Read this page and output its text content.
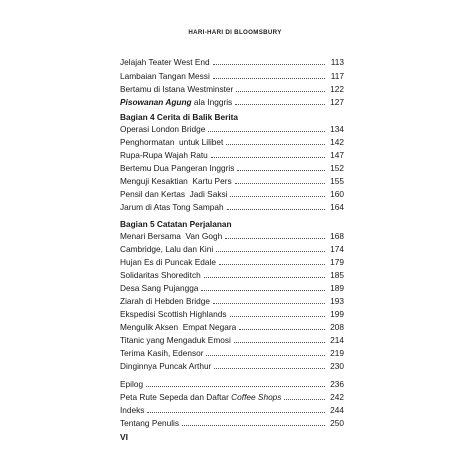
HARI-HARI DI BLOOMSBURY
Jelajah Teater West End	113
Lambaian Tangan Messi	117
Bertamu di Istana Westminster	122
Pisowanan Agung ala Inggris	127
Bagian 4 Cerita di Balik Berita
Operasi London Bridge	134
Penghormatan  untuk Lilibet	142
Rupa-Rupa Wajah Ratu	147
Bertemu Dua Pangeran Inggris	152
Menguji Kesaktian  Kartu Pers	155
Pensil dan Kertas  Jadi Saksi	160
Jarum di Atas Tong Sampah	164
Bagian 5 Catatan Perjalanan
Menari Bersama  Van Gogh	168
Cambridge, Lalu dan Kini	174
Hujan Es di Puncak Edale	179
Solidaritas Shoreditch	185
Desa Sang Pujangga	189
Ziarah di Hebden Bridge	193
Ekspedisi Scottish Highlands	199
Mengulik Aksen  Empat Negara	208
Titanic yang Mengaduk Emosi	214
Terima Kasih, Edensor	219
Dinginnya Puncak Arthur	230
Epilog	236
Peta Rute Sepeda dan Daftar Coffee Shops	242
Indeks	244
Tentang Penulis	250
VI
